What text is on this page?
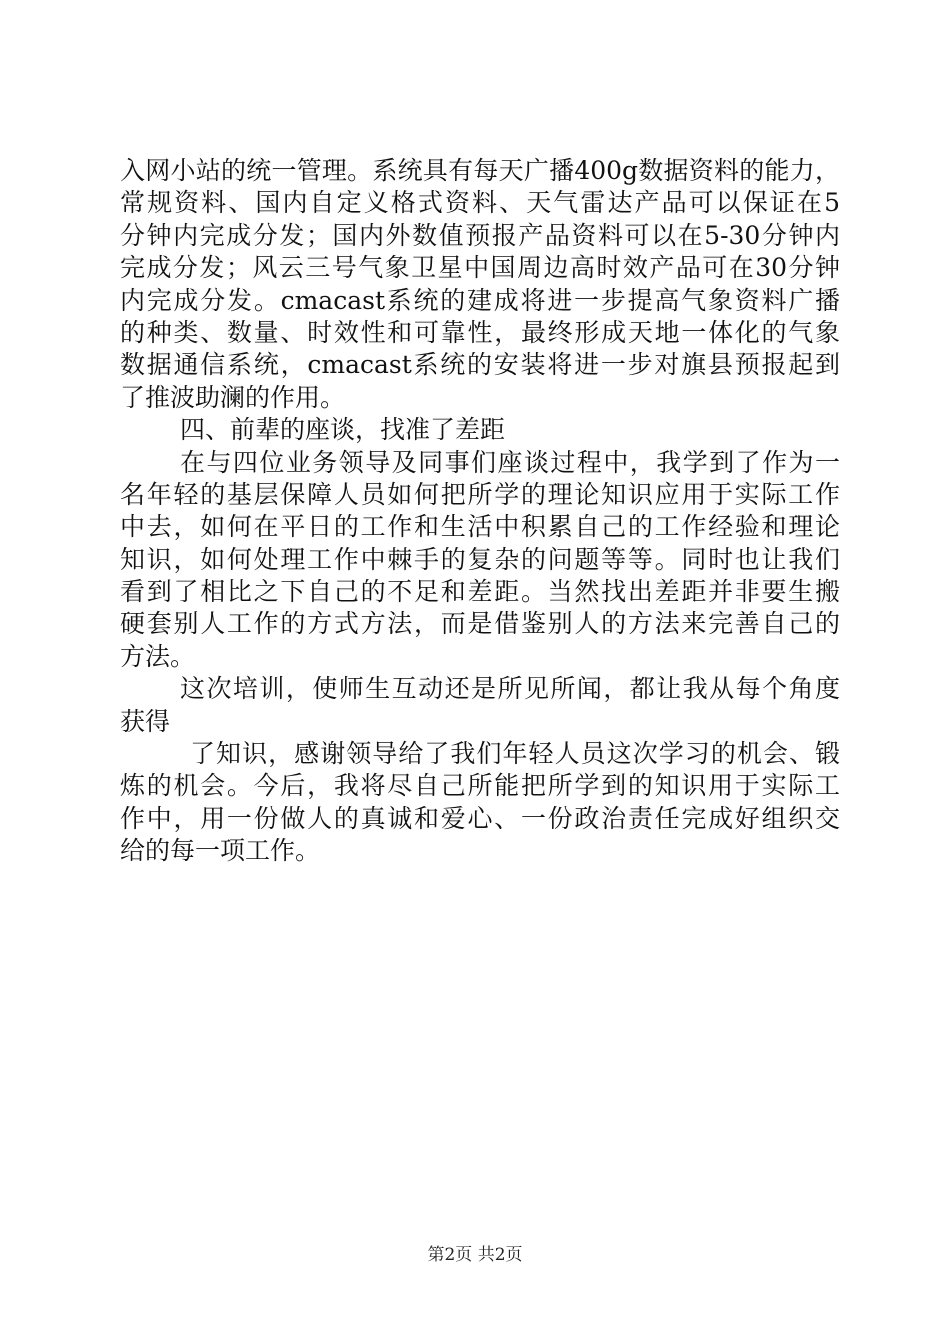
入网小站的统一管理。系统具有每天广播400g数据资料的能力，
常规资料、国内自定义格式资料、天气雷达产品可以保证在5
分钟内完成分发；国内外数值预报产品资料可以在5-30分钟内
完成分发；风云三号气象卫星中国周边高时效产品可在30分钟
内完成分发。cmacast系统的建成将进一步提高气象资料广播
的种类、数量、时效性和可靠性，最终形成天地一体化的气象
数据通信系统，cmacast系统的安装将进一步对旗县预报起到
了推波助澜的作用。
四、前辈的座谈，找准了差距
在与四位业务领导及同事们座谈过程中，我学到了作为一
名年轻的基层保障人员如何把所学的理论知识应用于实际工作
中去，如何在平日的工作和生活中积累自己的工作经验和理论
知识，如何处理工作中棘手的复杂的问题等等。同时也让我们
看到了相比之下自己的不足和差距。当然找出差距并非要生搬
硬套别人工作的方式方法，而是借鉴别人的方法来完善自己的
方法。
这次培训，使师生互动还是所见所闻，都让我从每个角度
获得
了知识，感谢领导给了我们年轻人员这次学习的机会、锻
炼的机会。今后，我将尽自己所能把所学到的知识用于实际工
作中，用一份做人的真诚和爱心、一份政治责任完成好组织交
给的每一项工作。
第2页 共2页
